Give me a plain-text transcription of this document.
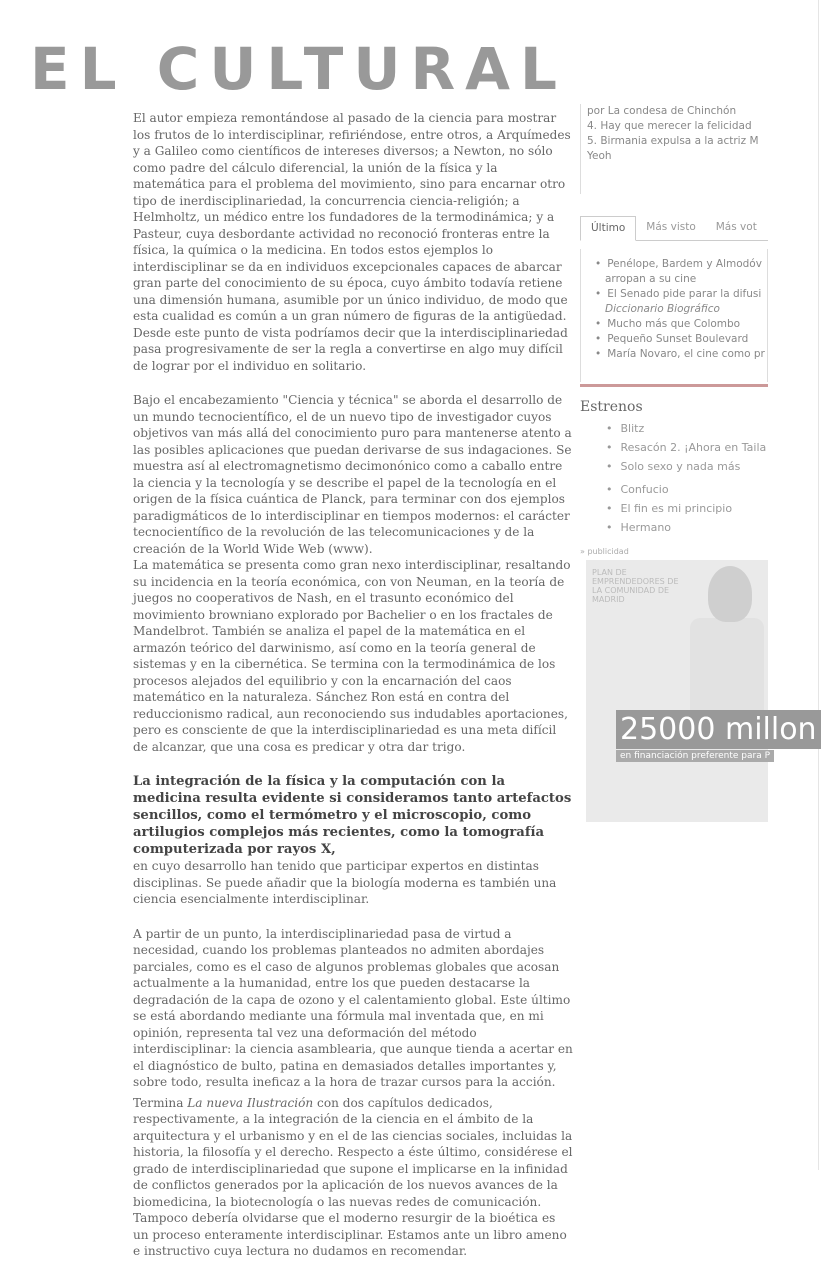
EL CULTURAL

El autor empieza remontándose al pasado de la ciencia para mostrar los frutos de lo interdisciplinar, refiriéndose, entre otros, a Arquímedes y a Galileo como científicos de intereses diversos; a Newton, no sólo como padre del cálculo diferencial, la unión de la física y la matemática para el problema del movimiento, sino para encarnar otro tipo de inerdisciplinariedad, la concurrencia ciencia-religión; a Helmholtz, un médico entre los fundadores de la termodinámica; y a Pasteur, cuya desbordante actividad no reconoció fronteras entre la física, la química o la medicina. En todos estos ejemplos lo interdisciplinar se da en individuos excepcionales capaces de abarcar gran parte del conocimiento de su época, cuyo ámbito todavía retiene una dimensión humana, asumible por un único individuo, de modo que esta cualidad es común a un gran número de figuras de la antigüedad. Desde este punto de vista podríamos decir que la interdisciplinariedad pasa progresivamente de ser la regla a convertirse en algo muy difícil de lograr por el individuo en solitario.

Bajo el encabezamiento "Ciencia y técnica" se aborda el desarrollo de un mundo tecnocientífico, el de un nuevo tipo de investigador cuyos objetivos van más allá del conocimiento puro para mantenerse atento a las posibles aplicaciones que puedan derivarse de sus indagaciones. Se muestra así al electromagnetismo decimonónico como a caballo entre la ciencia y la tecnología y se describe el papel de la tecnología en el origen de la física cuántica de Planck, para terminar con dos ejemplos paradigmáticos de lo interdisciplinar en tiempos modernos: el carácter tecnocientífico de la revolución de las telecomunicaciones y de la creación de la World Wide Web (www).

La matemática se presenta como gran nexo interdisciplinar, resaltando su incidencia en la teoría económica, con von Neuman, en la teoría de juegos no cooperativos de Nash, en el trasunto económico del movimiento browniano explorado por Bachelier o en los fractales de Mandelbrot. También se analiza el papel de la matemática en el armazón teórico del darwinismo, así como en la teoría general de sistemas y en la cibernética. Se termina con la termodinámica de los procesos alejados del equilibrio y con la encarnación del caos matemático en la naturaleza. Sánchez Ron está en contra del reduccionismo radical, aun reconociendo sus indudables aportaciones, pero es consciente de que la interdisciplinariedad es una meta difícil de alcanzar, que una cosa es predicar y otra dar trigo.

La integración de la física y la computación con la medicina resulta evidente si consideramos tanto artefactos sencillos, como el termómetro y el microscopio, como artilugios complejos más recientes, como la tomografía computerizada por rayos X,

en cuyo desarrollo han tenido que participar expertos en distintas disciplinas. Se puede añadir que la biología moderna es también una ciencia esencialmente interdisciplinar.

A partir de un punto, la interdisciplinariedad pasa de virtud a necesidad, cuando los problemas planteados no admiten abordajes parciales, como es el caso de algunos problemas globales que acosan actualmente a la humanidad, entre los que pueden destacarse la degradación de la capa de ozono y el calentamiento global. Este último se está abordando mediante una fórmula mal inventada que, en mi opinión, representa tal vez una deformación del método interdisciplinar: la ciencia asamblearia, que aunque tienda a acertar en el diagnóstico de bulto, patina en demasiados detalles importantes y, sobre todo, resulta ineficaz a la hora de trazar cursos para la acción.

Termina La nueva Ilustración con dos capítulos dedicados, respectivamente, a la integración de la ciencia en el ámbito de la arquitectura y el urbanismo y en el de las ciencias sociales, incluidas la historia, la filosofía y el derecho. Respecto a éste último, considérese el grado de interdisciplinariedad que supone el implicarse en la infinidad de conflictos generados por la aplicación de los nuevos avances de la biomedicina, la biotecnología o las nuevas redes de comunicación. Tampoco debería olvidarse que el moderno resurgir de la bioética es un proceso enteramente interdisciplinar. Estamos ante un libro ameno e instructivo cuya lectura no dudamos en recomendar.

por La condesa de Chinchón
4. Hay que merecer la felicidad
5. Birmania expulsa a la actriz M
Yeoh
Último	Más visto	Más vot
• Penélope, Bardem y Almodóv
arropan a su cine
• El Senado pide parar la difusi
Diccionario Biográfico
• Mucho más que Colombo
• Pequeño Sunset Boulevard
• María Novaro, el cine como pr
Estrenos
• Blitz
• Resacón 2. ¡Ahora en Taila
• Solo sexo y nada más
• Confucio
• El fin es mi principio
• Hermano
» publicidad
PLAN DE EMPRENDEDORES DE LA COMUNIDAD DE MADRID
25000 millon
en financiación preferente para P
